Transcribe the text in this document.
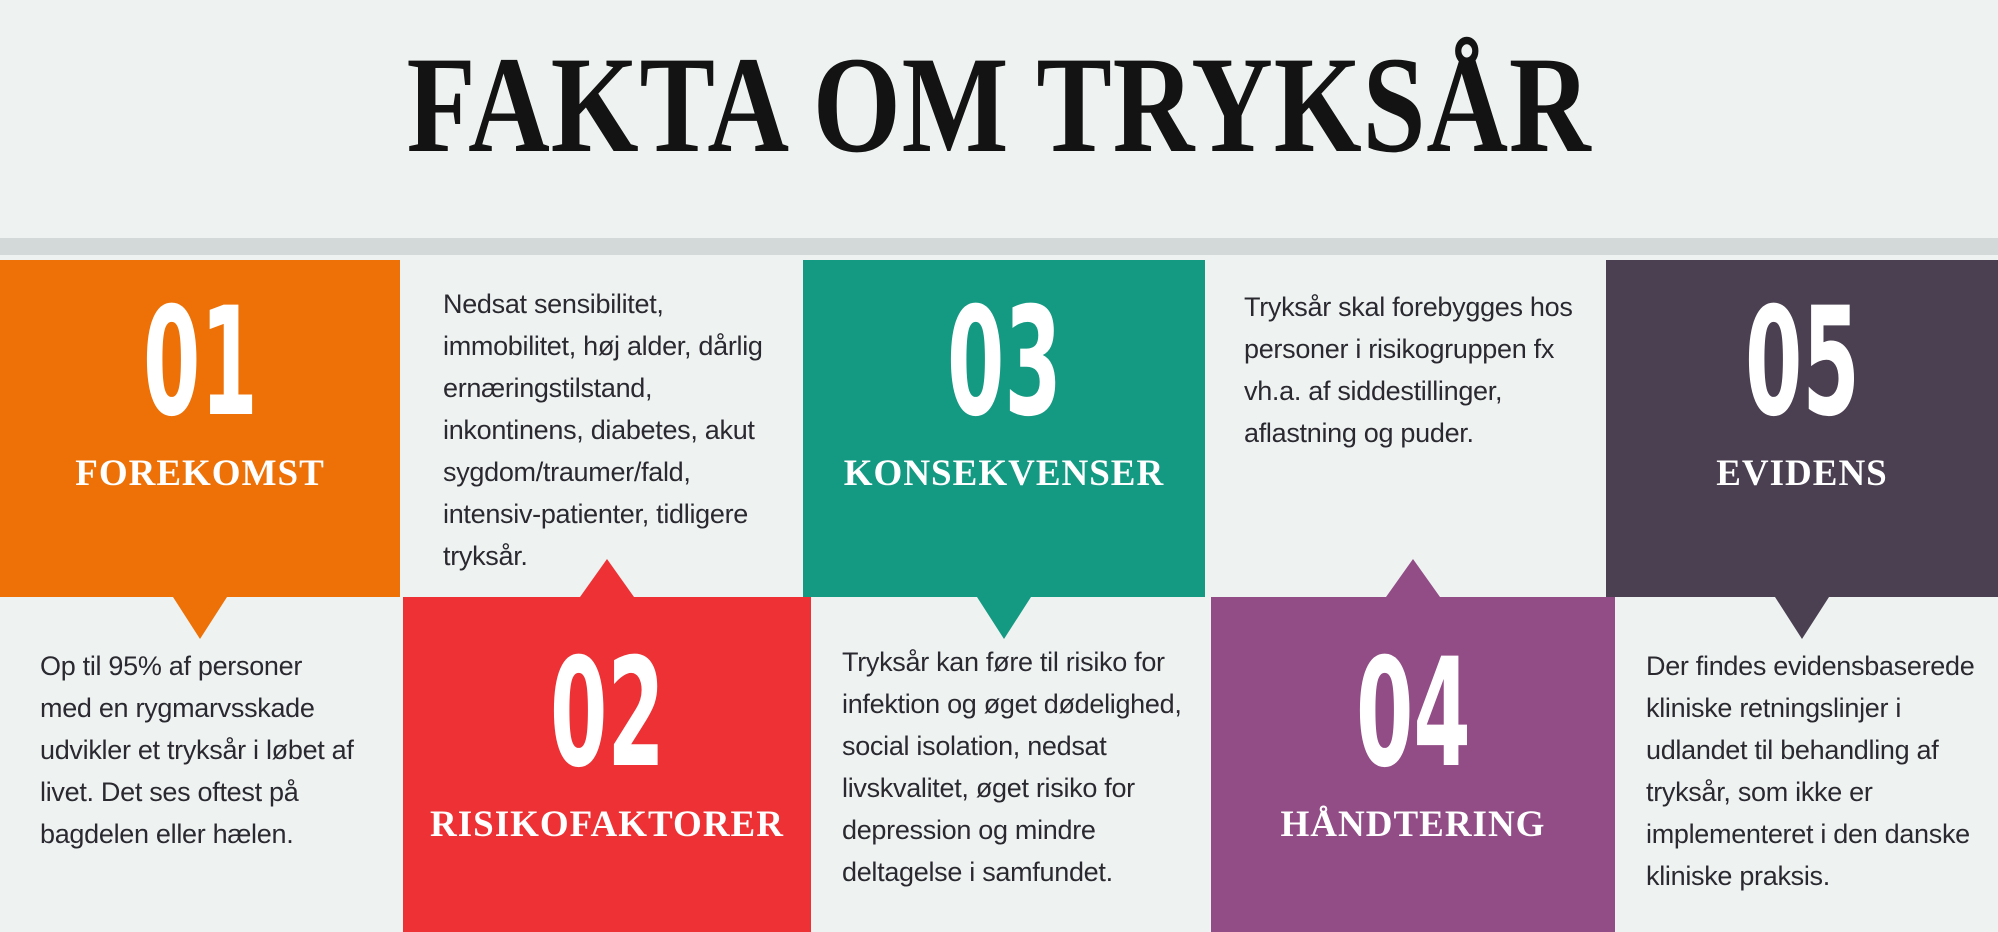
FAKTA OM TRYKSÅR
01
FOREKOMST

Op til 95% af personer med en rygmarvsskade udvikler et tryksår i løbet af livet. Det ses oftest på bagdelen eller hælen.

02
RISIKOFAKTORER

Nedsat sensibilitet, immobilitet, høj alder, dårlig ernæringstilstand, inkontinens, diabetes, akut sygdom/traumer/fald, intensiv-patienter, tidligere tryksår.

03
KONSEKVENSER

Tryksår kan føre til risiko for infektion og øget dødelighed, social isolation, nedsat livskvalitet, øget risiko for depression og mindre deltagelse i samfundet.

04
HÅNDTERING

Tryksår skal forebygges hos personer i risikogruppen fx vh.a. af siddestillinger, aflastning og puder.	05
EVIDENS

Der findes evidensbaserede kliniske retningslinjer i udlandet til behandling af tryksår, som ikke er implementeret i den danske kliniske praksis.
